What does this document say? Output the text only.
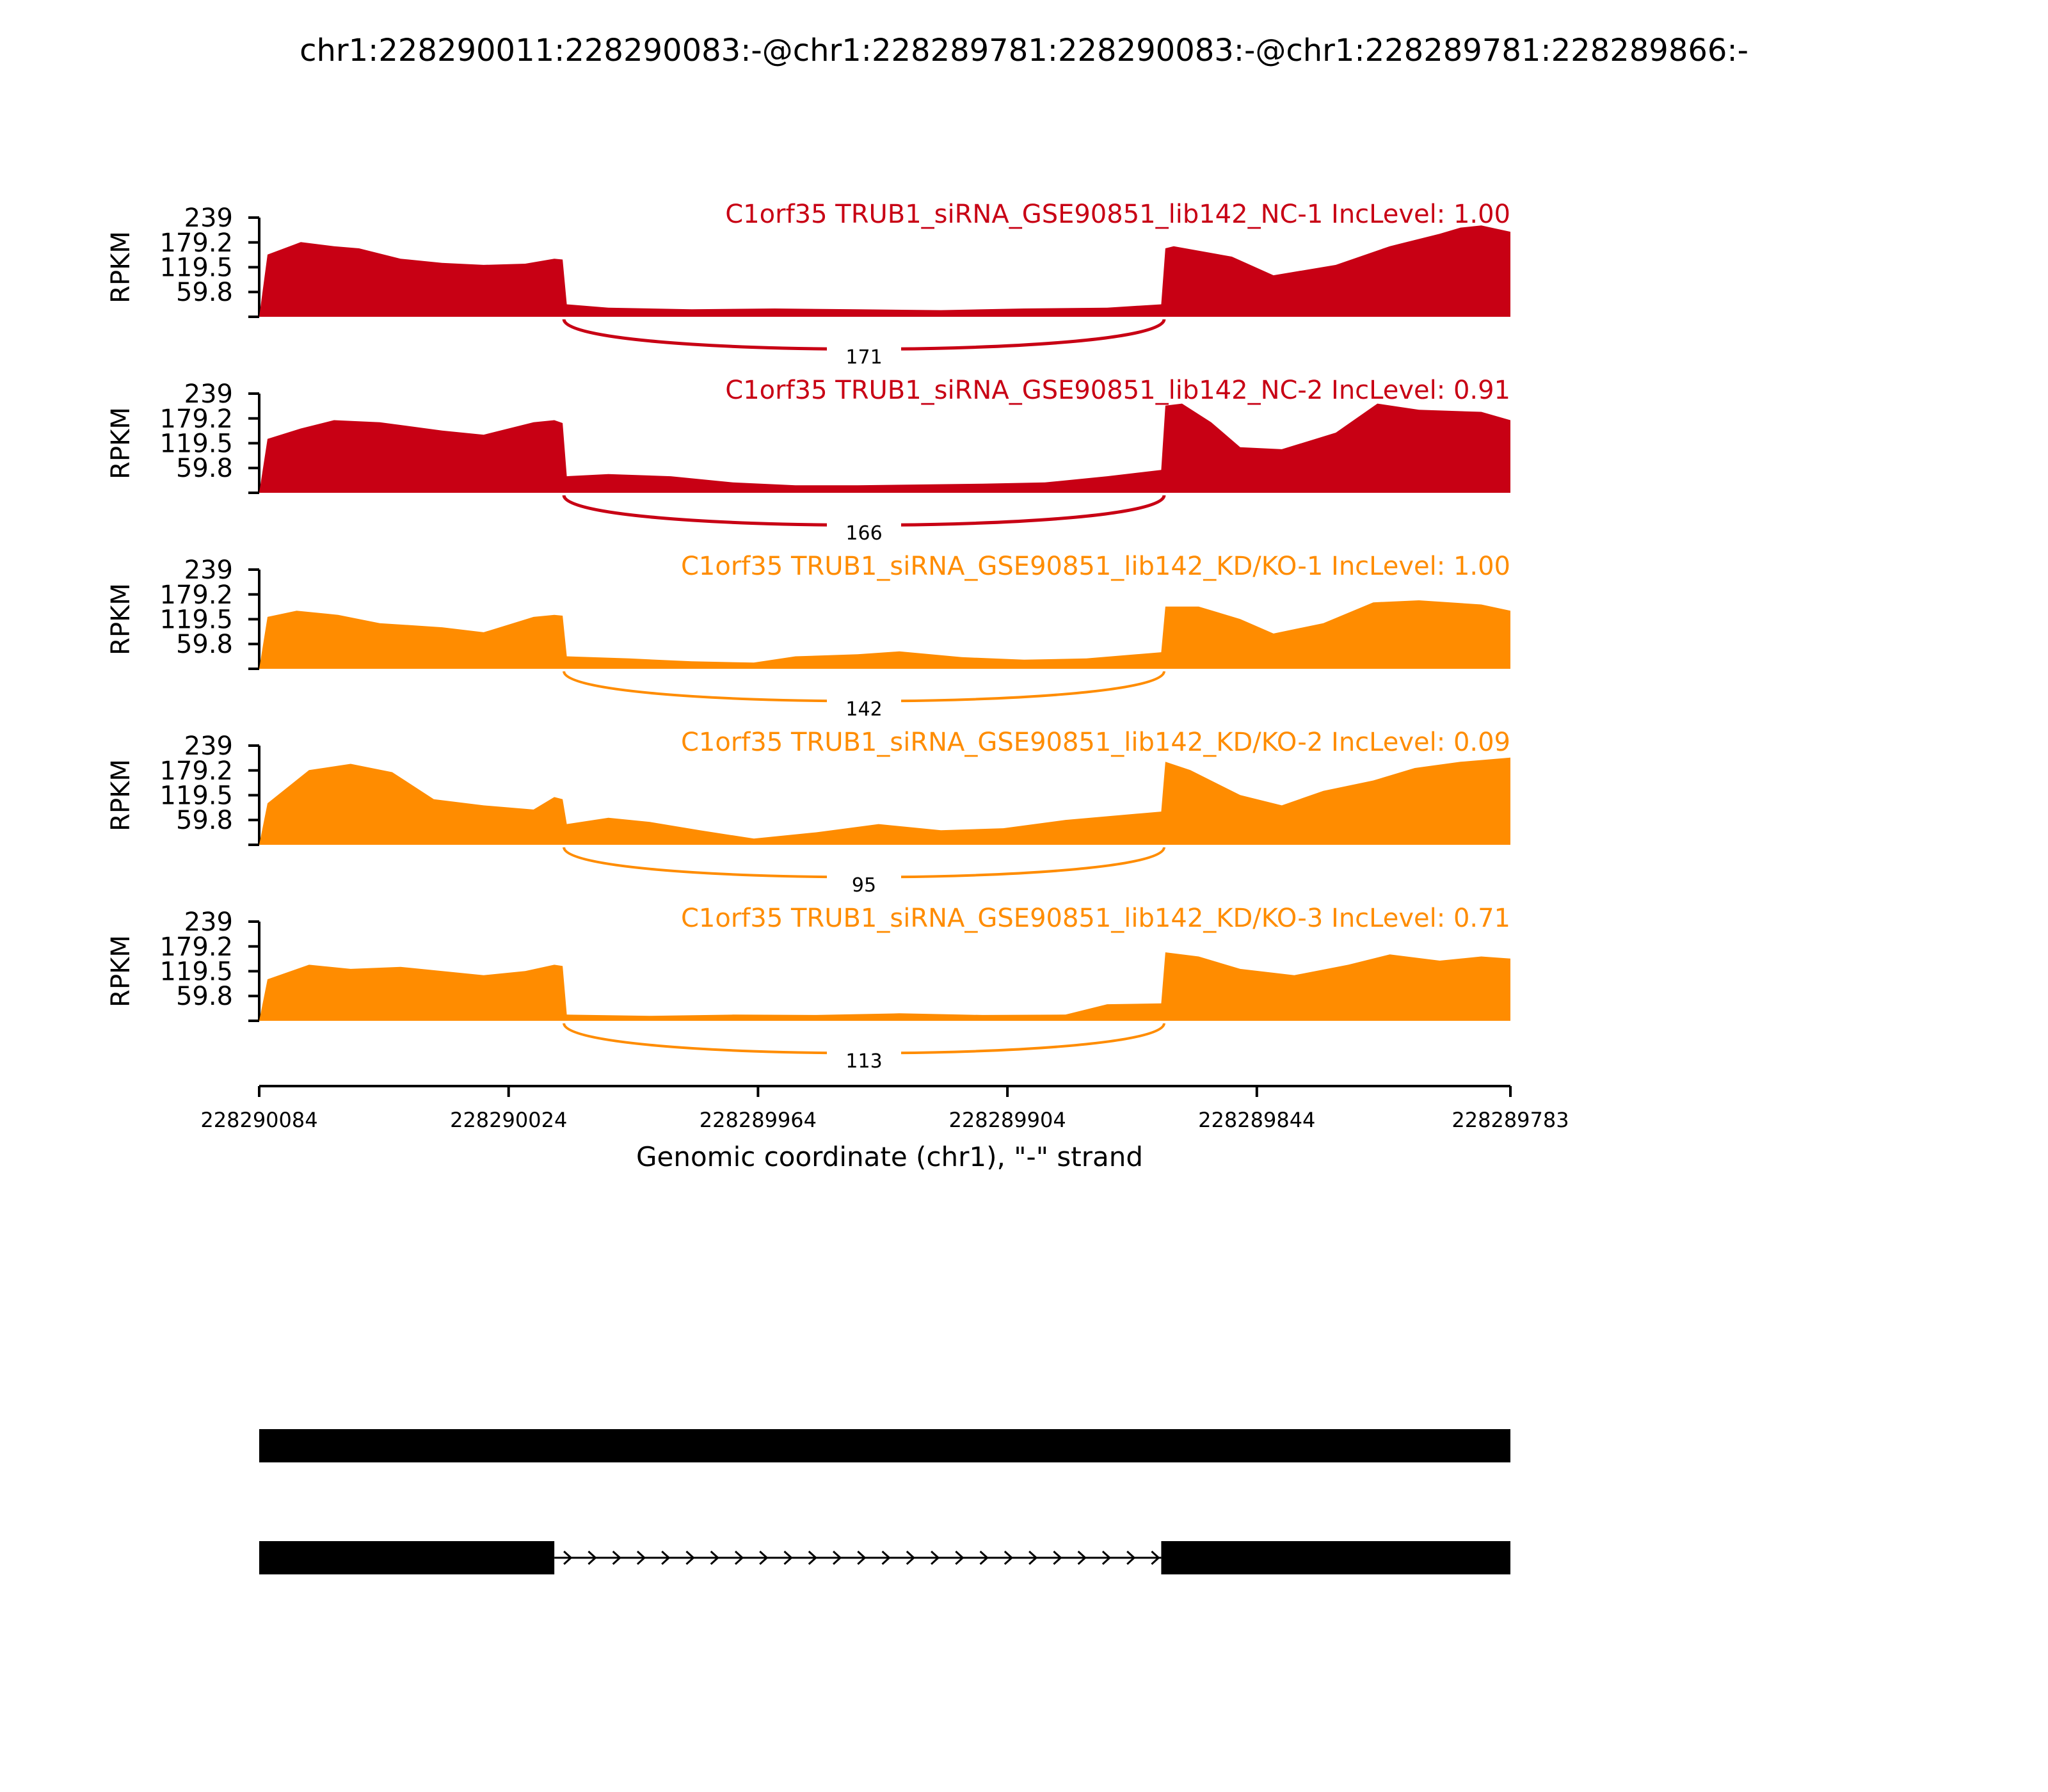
chr1:228290011:228290083:-@chr1:228289781:228290083:-@chr1:228289781:228289866:-
239
179.2
119.5
59.8
RPKM
C1orf35 TRUB1_siRNA_GSE90851_lib142_NC-1 IncLevel: 1.00
171
239
179.2
119.5
59.8
RPKM
C1orf35 TRUB1_siRNA_GSE90851_lib142_NC-2 IncLevel: 0.91
166
239
179.2
119.5
59.8
RPKM
C1orf35 TRUB1_siRNA_GSE90851_lib142_KD/KO-1 IncLevel: 1.00
142
239
179.2
119.5
59.8
RPKM
C1orf35 TRUB1_siRNA_GSE90851_lib142_KD/KO-2 IncLevel: 0.09
95
239
179.2
119.5
59.8
RPKM
C1orf35 TRUB1_siRNA_GSE90851_lib142_KD/KO-3 IncLevel: 0.71
113
228290084	228290024	228289964	228289904	228289844	228289783
Genomic coordinate (chr1), "-" strand
